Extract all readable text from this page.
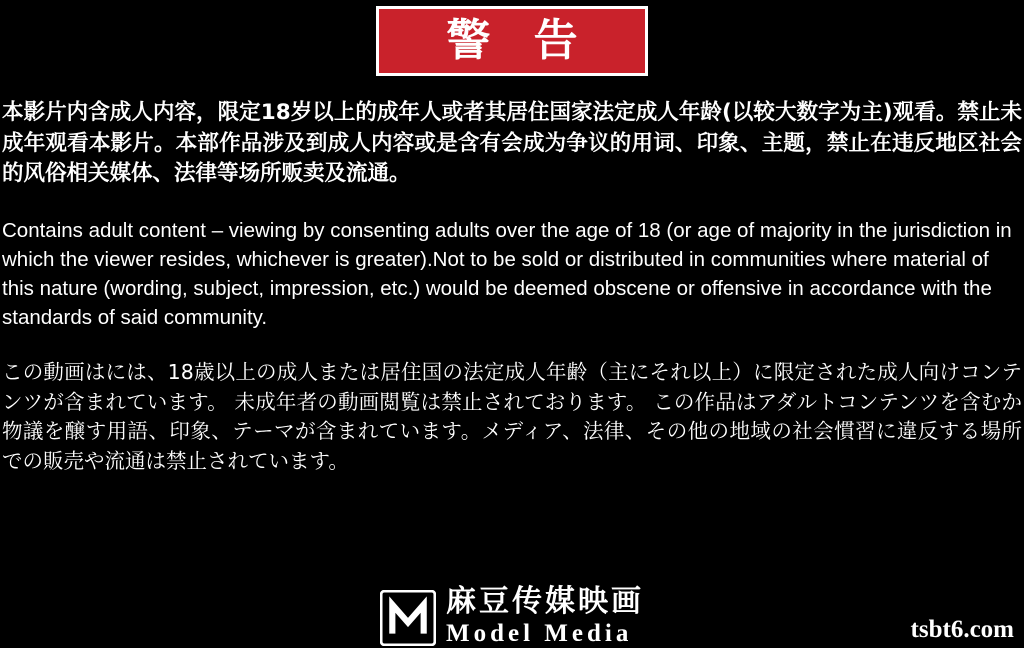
警 告

本影片内含成人内容，限定18岁以上的成年人或者其居住国家法定成人年龄(以较大数字为主)观看。禁止未成年观看本影片。本部作品涉及到成人内容或是含有会成为争议的用词、印象、主题，禁止在违反地区社会的风俗相关媒体、法律等场所贩卖及流通。

Contains adult content – viewing by consenting adults over the age of 18 (or age of majority in the jurisdiction in which the viewer resides, whichever is greater).Not to be sold or distributed in communities where material of this nature (wording, subject, impression, etc.) would be deemed obscene or offensive in accordance with the standards of said community.

この動画はには、18歳以上の成人または居住国の法定成人年齢（主にそれ以上）に限定された成人向けコンテンツが含まれています。 未成年者の動画閲覧は禁止されております。 この作品はアダルトコンテンツを含むか物議を醸す用語、印象、テーマが含まれています。メディア、法律、その他の地域の社会慣習に違反する場所での販売や流通は禁止されています。

麻豆传媒映画
Model Media	tsbt6.com
